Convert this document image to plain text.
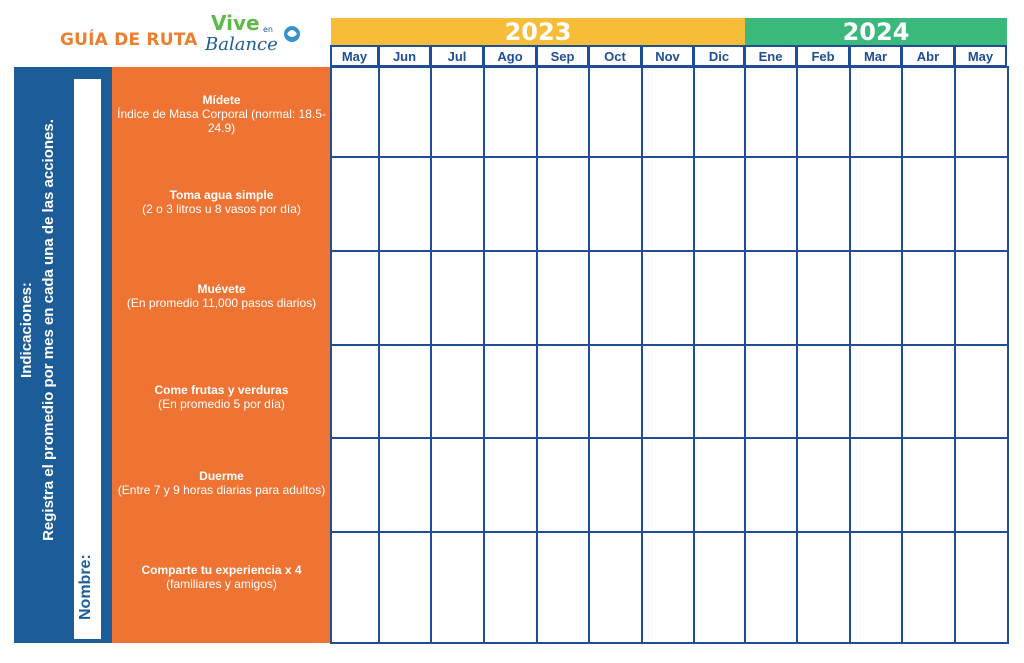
GUÍA DE RUTA
Vive en
Balance	2023	2024
May	Jun	Jul	Ago	Sep	Oct	Nov	Dic	Ene	Feb	Mar	Abr	May
Indicaciones: Registra el promedio por mes en cada una de las acciones.
Nombre:
Mídete
Índice de Masa Corporal (normal: 18.5-24.9)
Toma agua simple
(2 o 3 litros u 8 vasos por día)
Muévete
(En promedio 11,000 pasos diarios)
Come frutas y verduras
(En promedio 5 por día)
Duerme
(Entre 7 y 9 horas diarias para adultos)
Comparte tu experiencia x 4
(familiares y amigos)
